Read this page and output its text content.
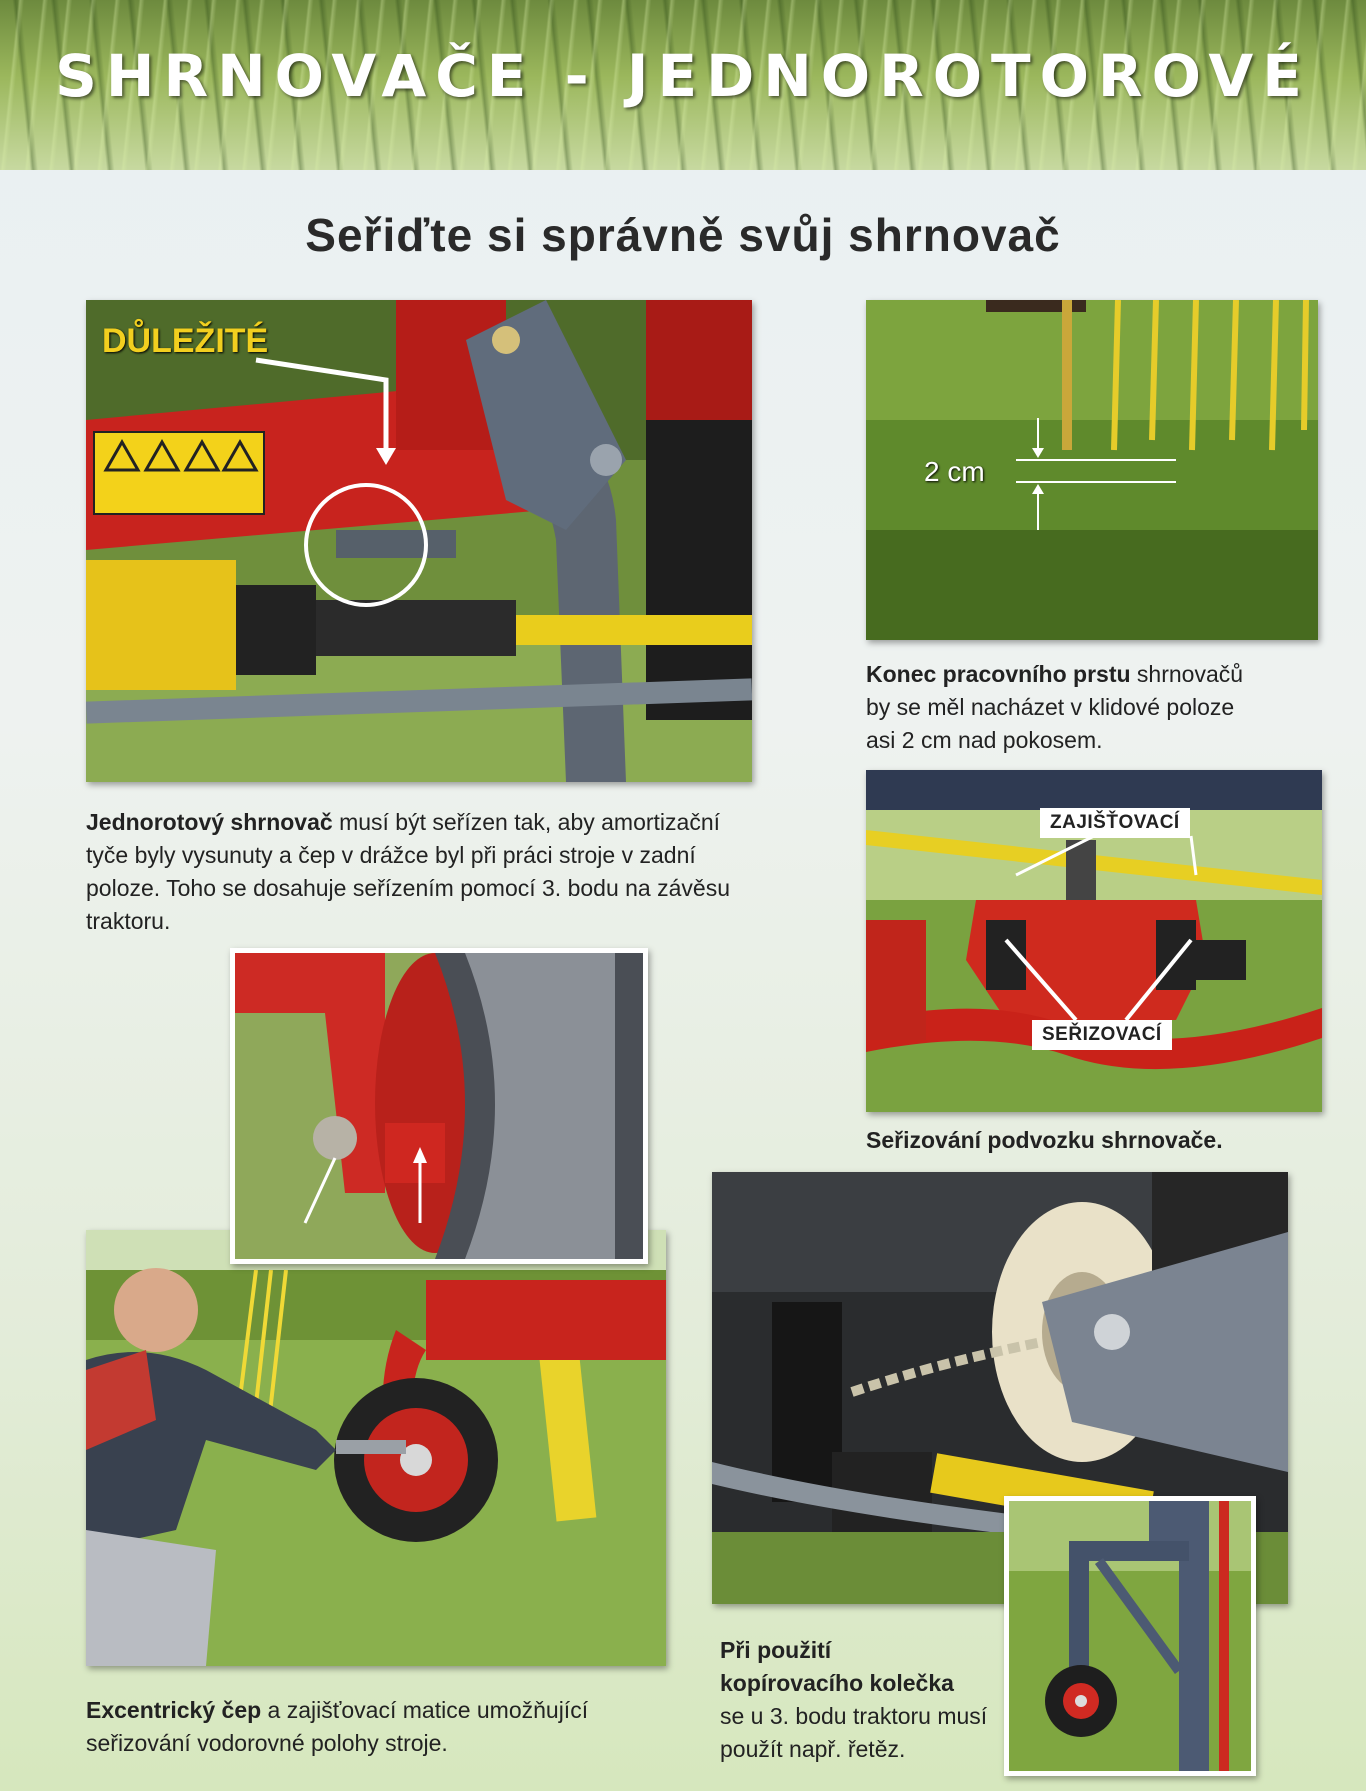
SHRNOVAČE - JEDNOROTOROVÉ
Seřiďte si správně svůj shrnovač
DŮLEŽITÉ
Jednorotový shrnovač musí být seřízen tak, aby amortizační tyče byly vysunuty a čep v drážce byl při práci stroje v zadní poloze. Toho se dosahuje seřízením pomocí 3. bodu na závěsu traktoru.
2 cm
Konec pracovního prstu shrnovačů by se měl nacházet v klidové poloze asi 2 cm nad pokosem.
ZAJIŠŤOVACÍ
SEŘIZOVACÍ
Seřizování podvozku shrnovače.
Excentrický čep a zajišťovací matice umožňující seřizování vodorovné polohy stroje.
Při použití
kopírovacího kolečka
se u 3. bodu traktoru musí použít např. řetěz.
